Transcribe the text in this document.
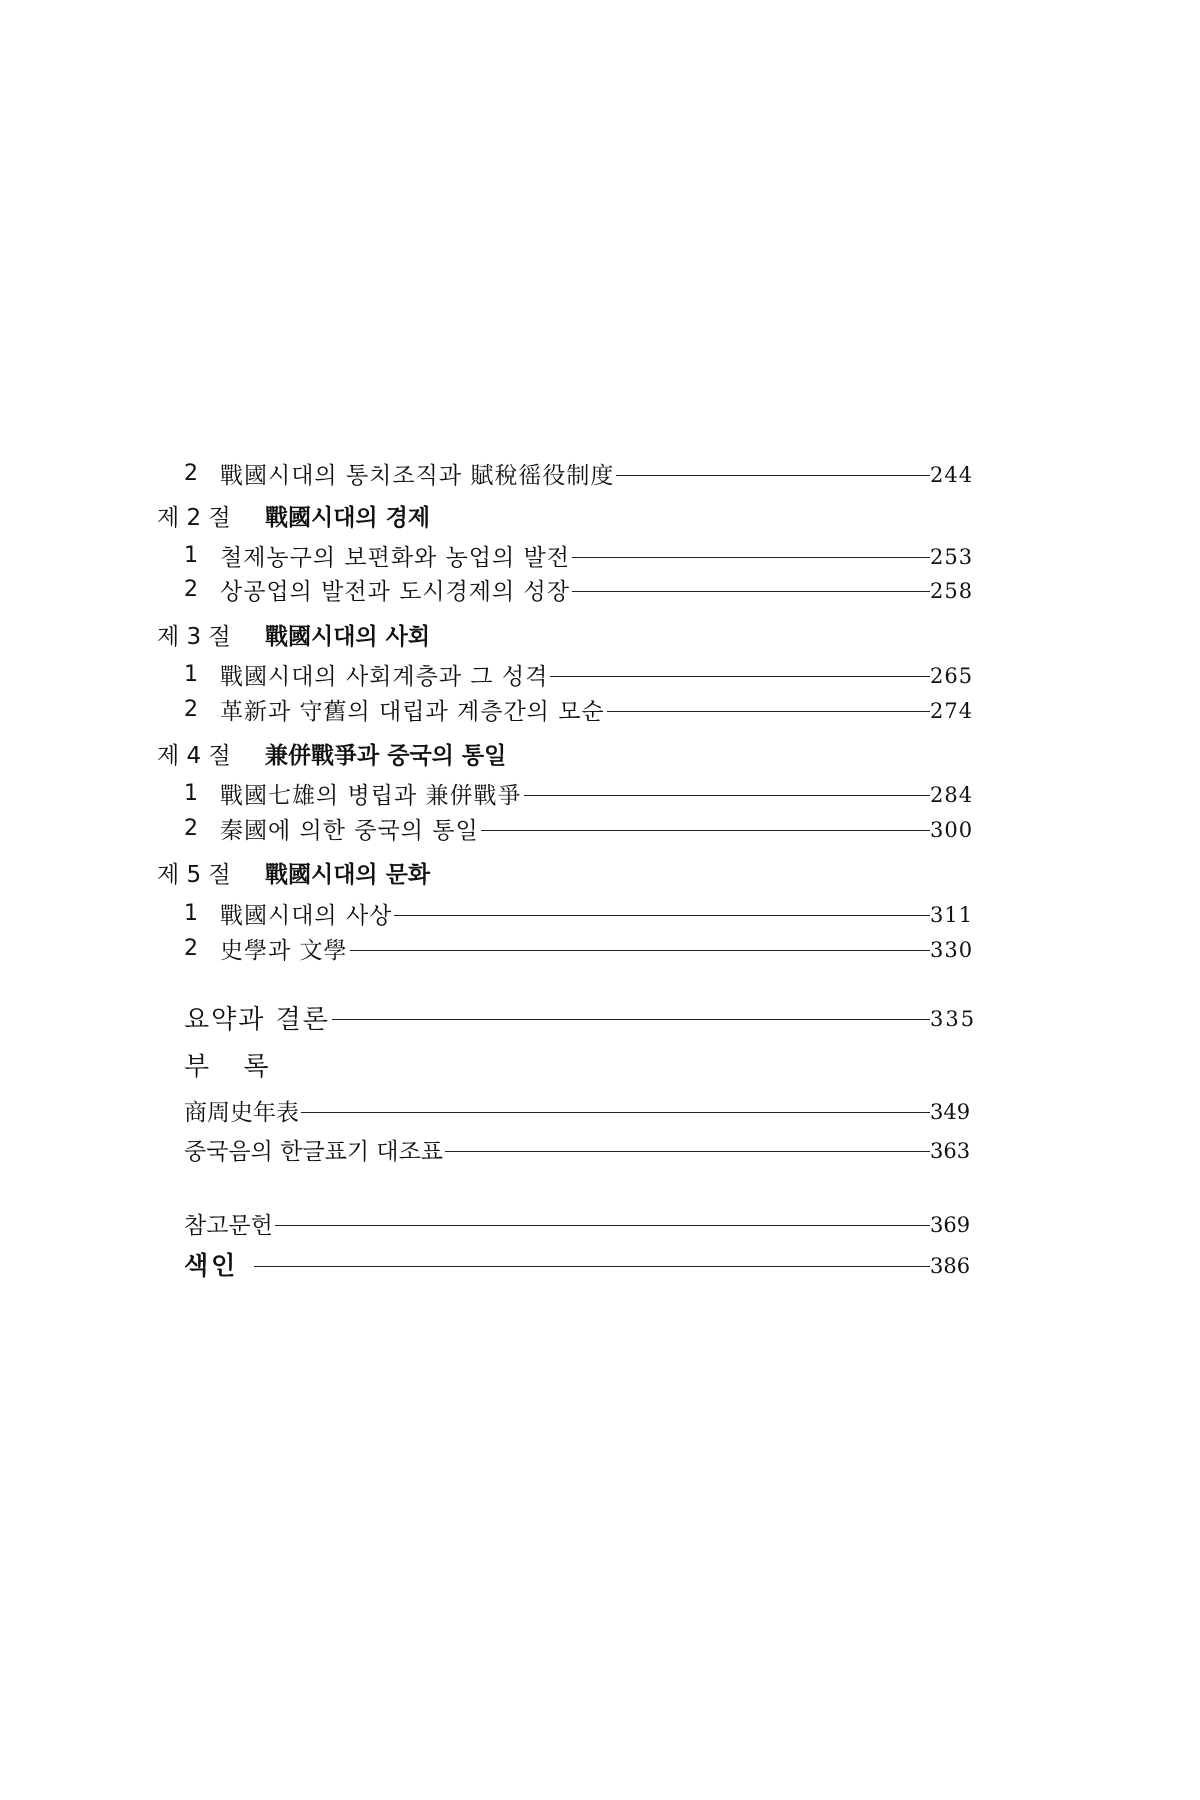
2 戰國시대의 통치조직과 賦稅徭役制度	244
제 2 절	戰國시대의 경제
1 철제농구의 보편화와 농업의 발전	253
2 상공업의 발전과 도시경제의 성장	258
제 3 절	戰國시대의 사회
1 戰國시대의 사회계층과 그 성격	265
2 革新과 守舊의 대립과 계층간의 모순	274
제 4 절	兼併戰爭과 중국의 통일
1 戰國七雄의 병립과 兼併戰爭	284
2 秦國에 의한 중국의 통일	300
제 5 절	戰國시대의 문화
1 戰國시대의 사상	311
2 史學과 文學	330
요약과 결론	335
부 록
商周史年表	349
중국음의 한글표기 대조표	363
참고문헌	369
색인	386
